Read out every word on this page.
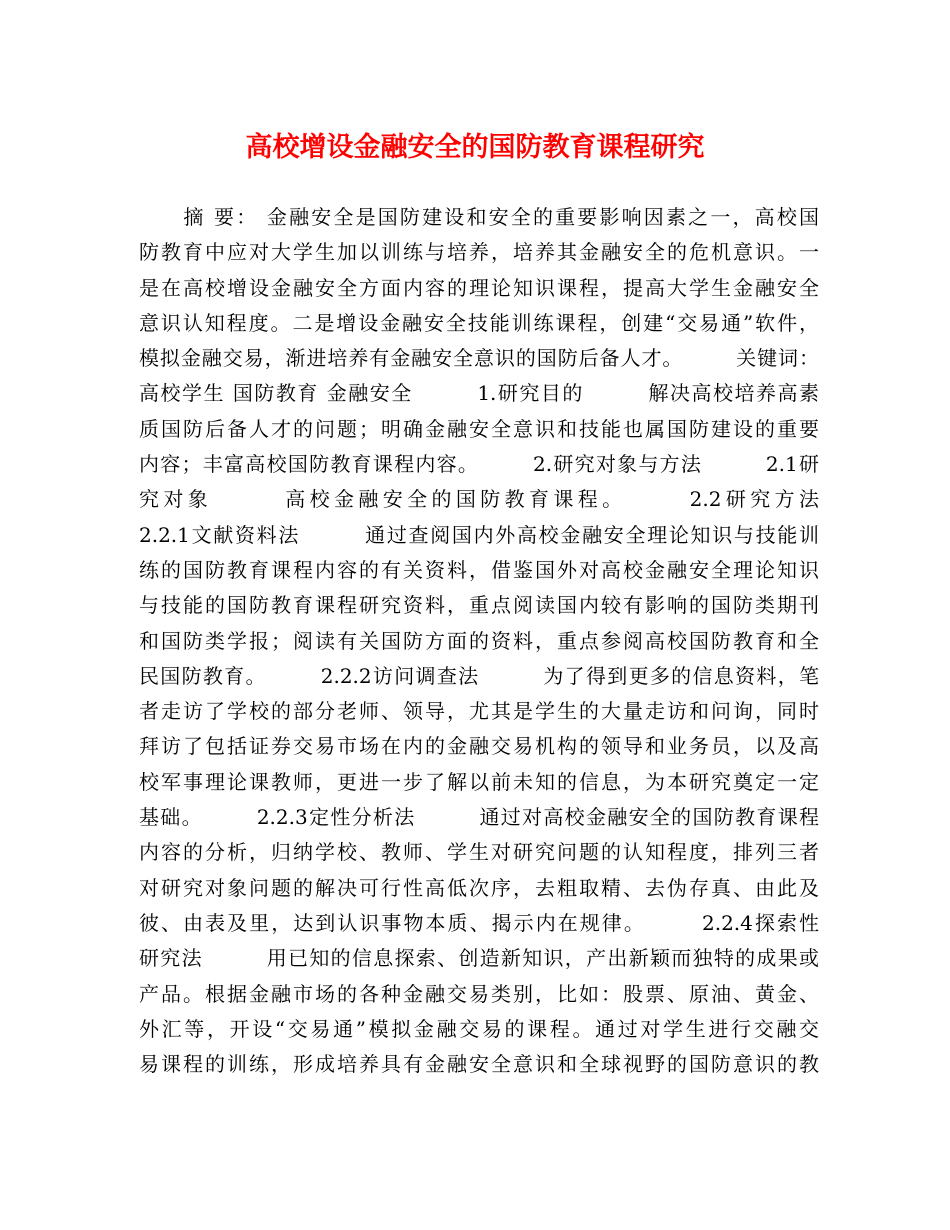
高校增设金融安全的国防教育课程研究
　　摘 要： 金融安全是国防建设和安全的重要影响因素之一，高校国
防教育中应对大学生加以训练与培养，培养其金融安全的危机意识。一
是在高校增设金融安全方面内容的理论知识课程，提高大学生金融安全
意识认知程度。二是增设金融安全技能训练课程，创建“交易通”软件，
模拟金融交易，渐进培养有金融安全意识的国防后备人才。　　　关键词：
高校学生 国防教育 金融安全　　　1.研究目的　　　解决高校培养高素
质国防后备人才的问题；明确金融安全意识和技能也属国防建设的重要
内容；丰富高校国防教育课程内容。　　　2.研究对象与方法　　　2.1研
究对象　　　高校金融安全的国防教育课程。　　　2.2研究方法
2.2.1文献资料法　　　通过查阅国内外高校金融安全理论知识与技能训
练的国防教育课程内容的有关资料，借鉴国外对高校金融安全理论知识
与技能的国防教育课程研究资料，重点阅读国内较有影响的国防类期刊
和国防类学报；阅读有关国防方面的资料，重点参阅高校国防教育和全
民国防教育。　　　2.2.2访问调查法　　　为了得到更多的信息资料，笔
者走访了学校的部分老师、领导，尤其是学生的大量走访和问询，同时
拜访了包括证券交易市场在内的金融交易机构的领导和业务员，以及高
校军事理论课教师，更进一步了解以前未知的信息，为本研究奠定一定
基础。　　　2.2.3定性分析法　　　通过对高校金融安全的国防教育课程
内容的分析，归纳学校、教师、学生对研究问题的认知程度，排列三者
对研究对象问题的解决可行性高低次序，去粗取精、去伪存真、由此及
彼、由表及里，达到认识事物本质、揭示内在规律。　　　2.2.4探索性
研究法　　　用已知的信息探索、创造新知识，产出新颖而独特的成果或
产品。根据金融市场的各种金融交易类别，比如：股票、原油、黄金、
外汇等，开设“交易通”模拟金融交易的课程。通过对学生进行交融交
易课程的训练，形成培养具有金融安全意识和全球视野的国防意识的教
